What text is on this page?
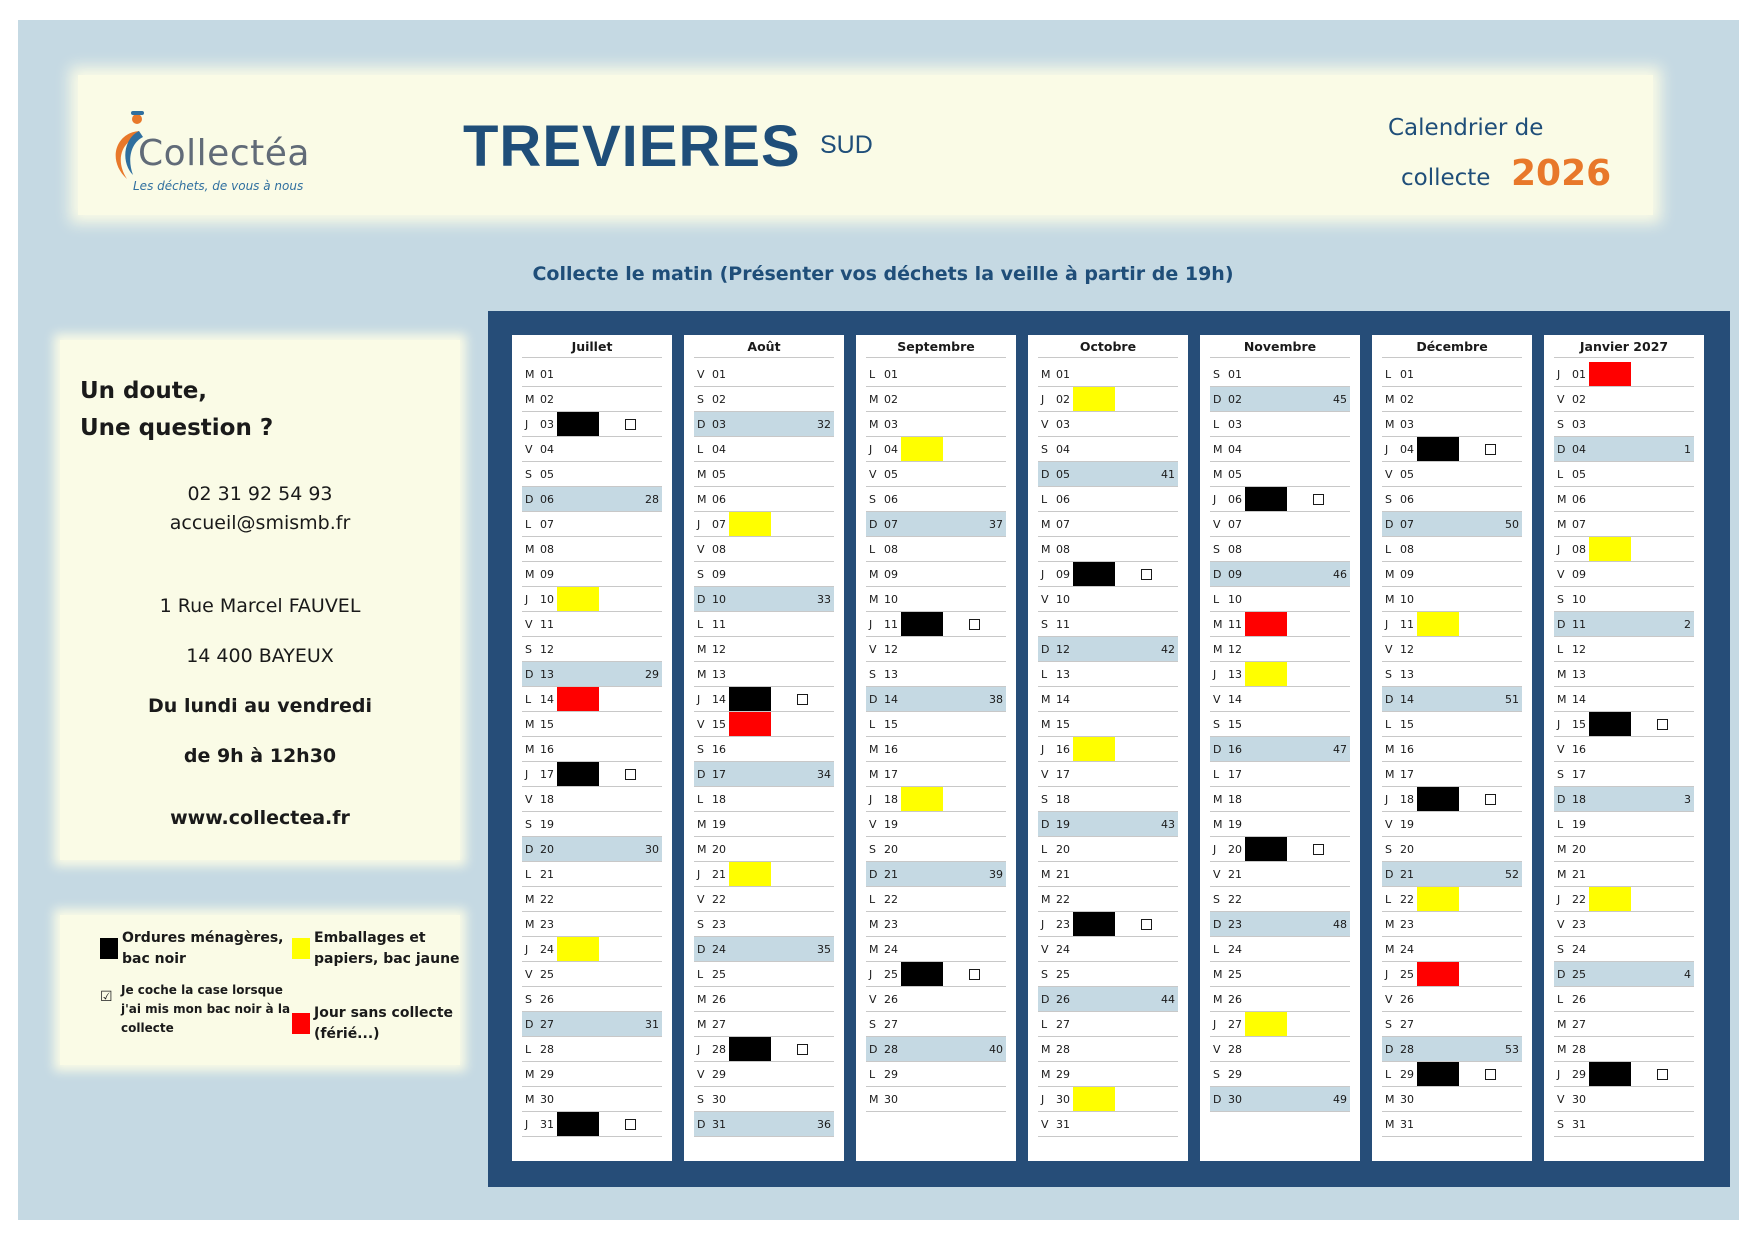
Collectéa
Les déchets, de vous à nous
TREVIERES SUD
Calendrier de
collecte 2026
Collecte le matin (Présenter vos déchets la veille à partir de 19h)
Un doute,
Une question ?
02 31 92 54 93
accueil@smismb.fr
1 Rue Marcel FAUVEL
14 400 BAYEUX
Du lundi au vendredi
de 9h à 12h30
www.collectea.fr
Ordures ménagères,
bac noir
Emballages et
papiers, bac jaune
☑ Je coche la case lorsque
j'ai mis mon bac noir à la
collecte
Jour sans collecte
(férié...)
Juillet
M 01
M 02
J 03
V 04
S 05
D 06	28
L 07
M 08
M 09
J 10
V 11
S 12
D 13	29
L 14
M 15
M 16
J 17
V 18
S 19
D 20	30
L 21
M 22
M 23
J 24
V 25
S 26
D 27	31
L 28
M 29
M 30
J 31
Août
V 01
S 02
D 03	32
L 04
M 05
M 06
J 07
V 08
S 09
D 10	33
L 11
M 12
M 13
J 14
V 15
S 16
D 17	34
L 18
M 19
M 20
J 21
V 22
S 23
D 24	35
L 25
M 26
M 27
J 28
V 29
S 30
D 31	36
Septembre
L 01
M 02
M 03
J 04
V 05
S 06
D 07	37
L 08
M 09
M 10
J 11
V 12
S 13
D 14	38
L 15
M 16
M 17
J 18
V 19
S 20
D 21	39
L 22
M 23
M 24
J 25
V 26
S 27
D 28	40
L 29
M 30
Octobre
M 01
J 02
V 03
S 04
D 05	41
L 06
M 07
M 08
J 09
V 10
S 11
D 12	42
L 13
M 14
M 15
J 16
V 17
S 18
D 19	43
L 20
M 21
M 22
J 23
V 24
S 25
D 26	44
L 27
M 28
M 29
J 30
V 31
Novembre
S 01
D 02	45
L 03
M 04
M 05
J 06
V 07
S 08
D 09	46
L 10
M 11
M 12
J 13
V 14
S 15
D 16	47
L 17
M 18
M 19
J 20
V 21
S 22
D 23	48
L 24
M 25
M 26
J 27
V 28
S 29
D 30	49
Décembre
L 01
M 02
M 03
J 04
V 05
S 06
D 07	50
L 08
M 09
M 10
J 11
V 12
S 13
D 14	51
L 15
M 16
M 17
J 18
V 19
S 20
D 21	52
L 22
M 23
M 24
J 25
V 26
S 27
D 28	53
L 29
M 30
M 31
Janvier 2027
J 01
V 02
S 03
D 04	1
L 05
M 06
M 07
J 08
V 09
S 10
D 11	2
L 12
M 13
M 14
J 15
V 16
S 17
D 18	3
L 19
M 20
M 21
J 22
V 23
S 24
D 25	4
L 26
M 27
M 28
J 29
V 30
S 31
